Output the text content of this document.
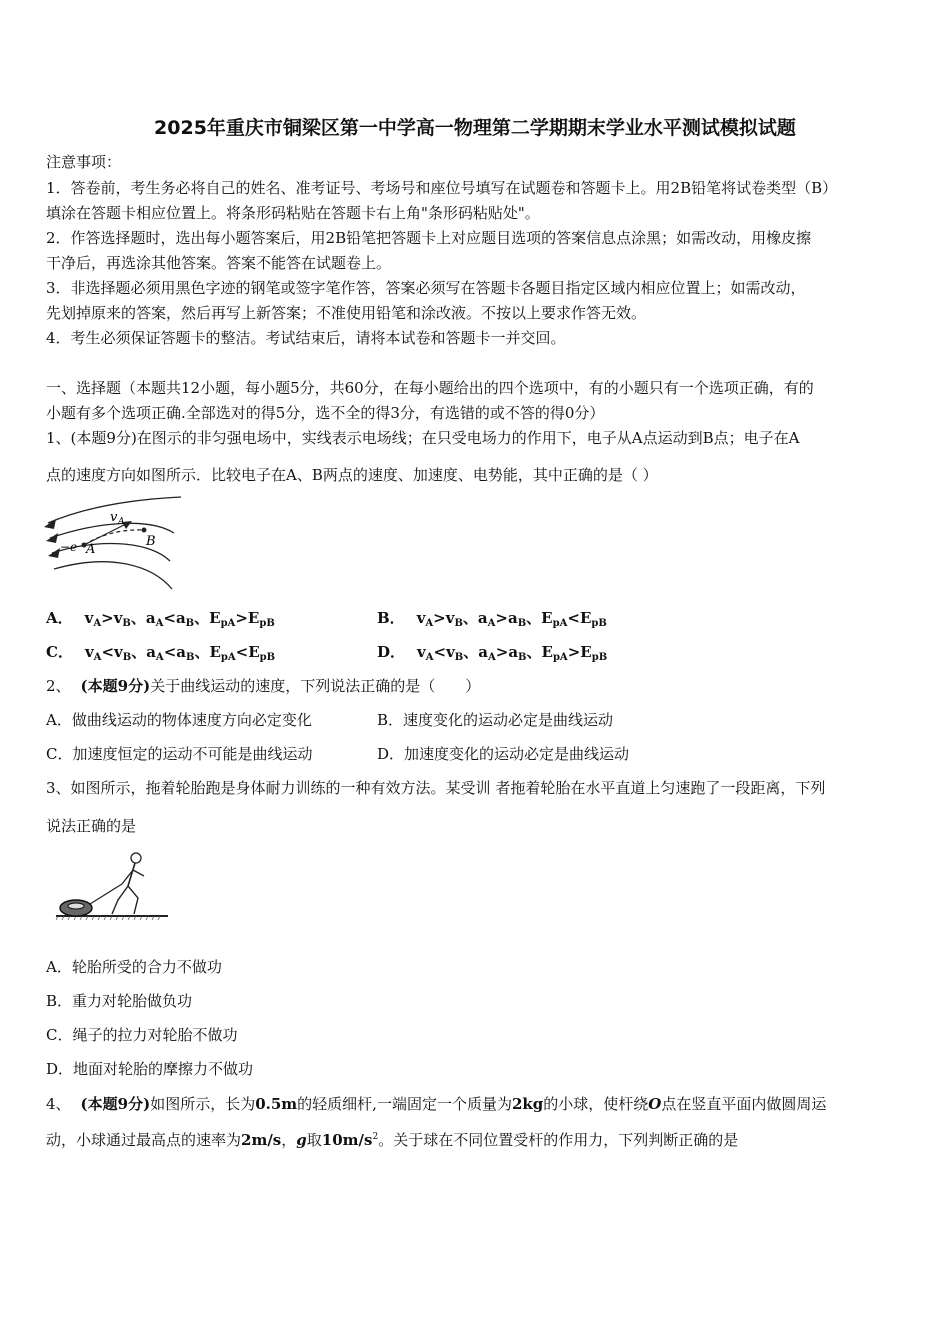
2025年重庆市铜梁区第一中学高一物理第二学期期末学业水平测试模拟试题
注意事项：
1．答卷前，考生务必将自己的姓名、准考证号、考场号和座位号填写在试题卷和答题卡上。用2B铅笔将试卷类型（B）
填涂在答题卡相应位置上。将条形码粘贴在答题卡右上角"条形码粘贴处"。
2．作答选择题时，选出每小题答案后，用2B铅笔把答题卡上对应题目选项的答案信息点涂黑；如需改动，用橡皮擦
干净后，再选涂其他答案。答案不能答在试题卷上。
3．非选择题必须用黑色字迹的钢笔或签字笔作答，答案必须写在答题卡各题目指定区域内相应位置上；如需改动，
先划掉原来的答案，然后再写上新答案；不准使用铅笔和涂改液。不按以上要求作答无效。
4．考生必须保证答题卡的整洁。考试结束后，请将本试卷和答题卡一并交回。
一、选择题（本题共12小题，每小题5分，共60分，在每小题给出的四个选项中，有的小题只有一个选项正确，有的
小题有多个选项正确.全部选对的得5分，选不全的得3分，有选错的或不答的得0分）
1、(本题9分)在图示的非匀强电场中，实线表示电场线；在只受电场力的作用下，电子从A点运动到B点；电子在A
点的速度方向如图所示．比较电子在A、B两点的速度、加速度、电势能，其中正确的是（ ）
v A
−e A
B
A． $v_A>v_B$、$a_A<a_B$、$E_{pA}>E_{pB}$	B． $v_A>v_B$、$a_A>a_B$、$E_{pA}<E_{pB}$
C． $v_A<v_B$、$a_A<a_B$、$E_{pA}<E_{pB}$	D． $v_A<v_B$、$a_A>a_B$、$E_{pA}>E_{pB}$
2、 (本题9分)关于曲线运动的速度，下列说法正确的是（　　）
A．做曲线运动的物体速度方向必定变化	B．速度变化的运动必定是曲线运动
C．加速度恒定的运动不可能是曲线运动	D．加速度变化的运动必定是曲线运动
3、如图所示，拖着轮胎跑是身体耐力训练的一种有效方法。某受训 者拖着轮胎在水平直道上匀速跑了一段距离，下列
说法正确的是
A．轮胎所受的合力不做功
B．重力对轮胎做负功
C．绳子的拉力对轮胎不做功
D．地面对轮胎的摩擦力不做功
4、 (本题9分)如图所示，长为0.5m的轻质细杆,一端固定一个质量为2kg的小球，使杆绕O点在竖直平面内做圆周运
动，小球通过最高点的速率为2m/s，g取$10m/s^2$。关于球在不同位置受杆的作用力，下列判断正确的是
